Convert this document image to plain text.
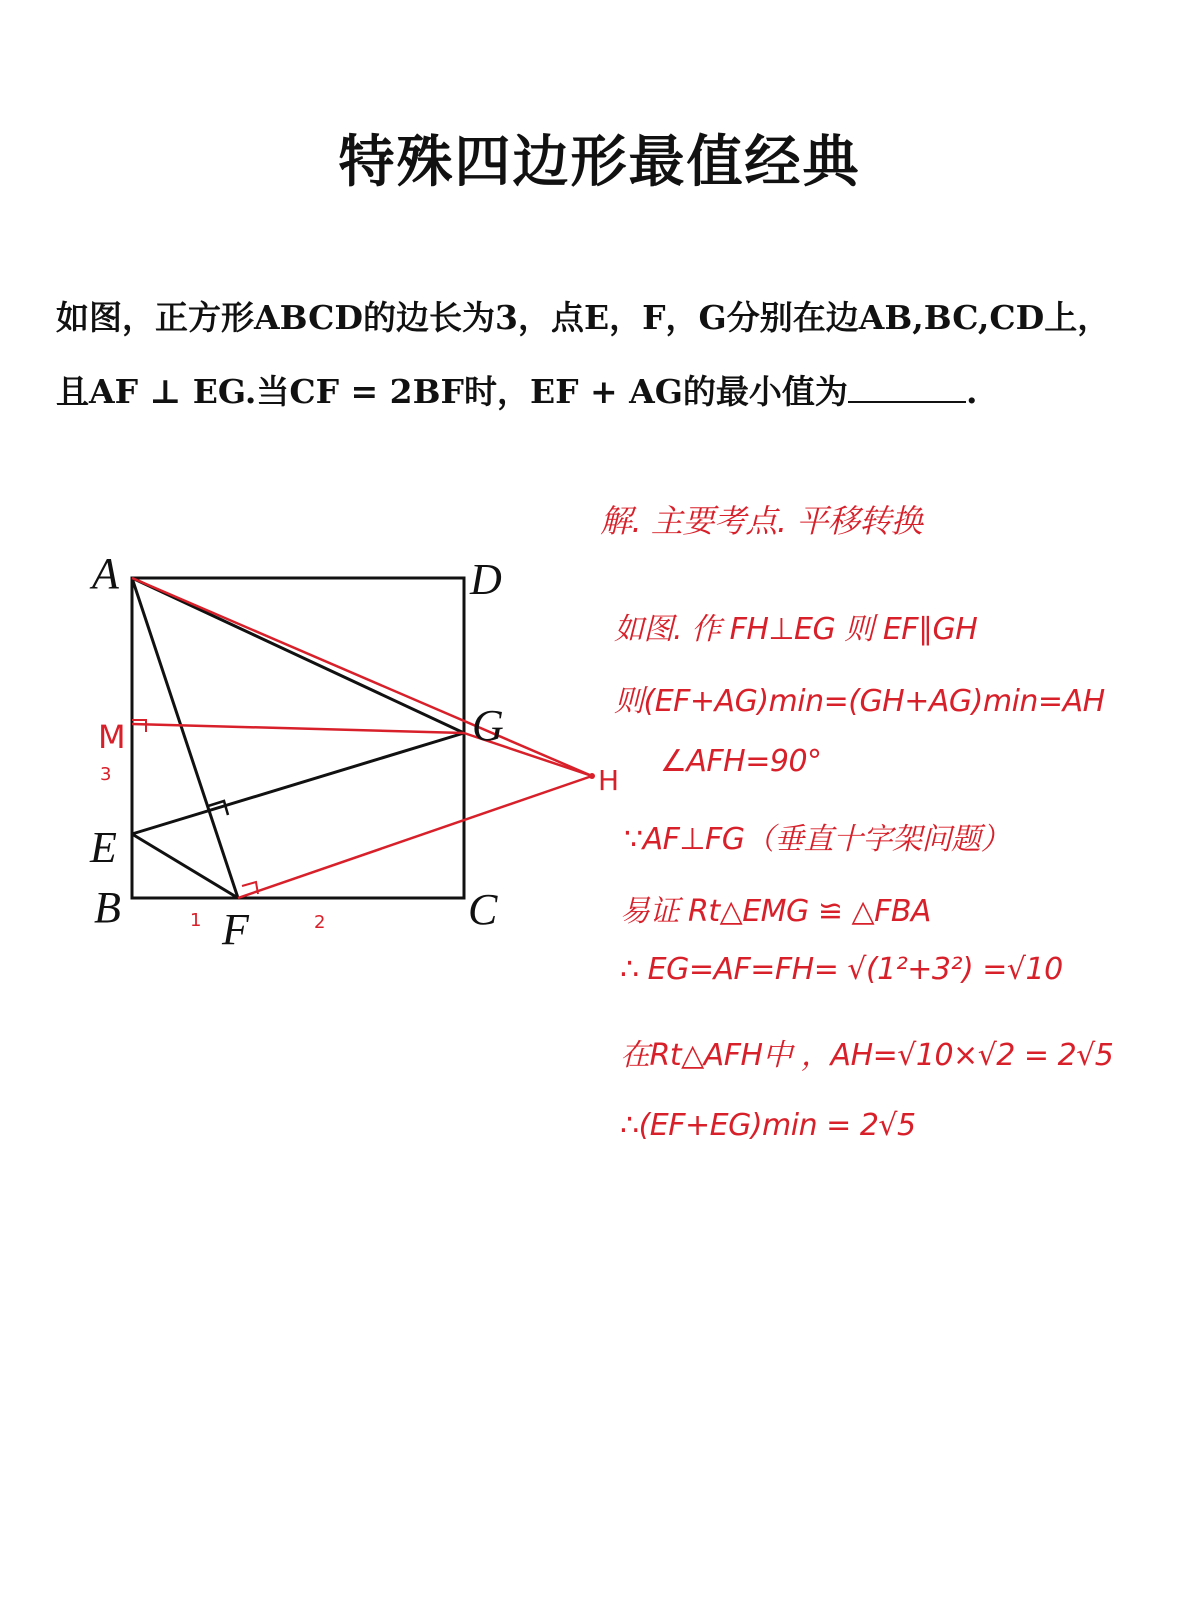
特殊四边形最值经典
如图，正方形ABCD的边长为3，点E，F，G分别在边AB,BC,CD上，
且AF ⊥ EG.当CF = 2BF时，EF + AG的最小值为	.
A	D
G
E
B	C
F
M
H
1	2
3
解. 主要考点. 平移转换
如图. 作 FH⊥EG 则 EF∥GH
则(EF+AG)min=(GH+AG)min=AH
∠AFH=90°
∵AF⊥FG（垂直十字架问题）
易证 Rt△EMG ≌ △FBA
∴ EG=AF=FH= √(1²+3²) =√10
在Rt△AFH中 ，AH=√10×√2 = 2√5
∴(EF+EG)min = 2√5
